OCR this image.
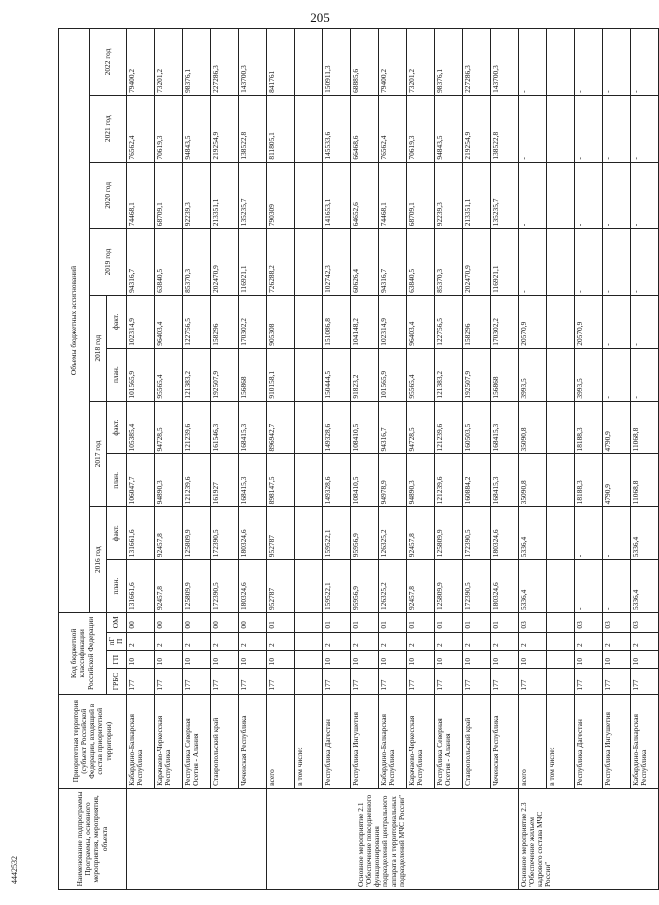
205
4442532	Наименование подпрограммы Программы, основного мероприятия, мероприятия, объекта	Приоритетная территория (субъект Российской Федерации, входящий в состав приоритетной территории)	Код бюджетной классификации Российской Федерации				Объемы бюджетных ассигнований									
						2016 год		2017 год		2018 год		2019 год	2020 год	2021 год	2022 год
		ГРБС	ГП	пГП	ОМ	план.	факт.	план.	факт.	план.	факт.				
	Кабардино-Балкарская Республика	177	10	2	00	131661,6	131661,6	106047,7	105385,4	101565,9	102314,9	94316,7	74468,1	76562,4	79400,2
	Карачаево-Черкесская Республика	177	10	2	00	92457,8	92457,8	94890,3	94728,5	95565,4	96403,4	63840,5	68709,1	70619,3	73201,2
	Республика Северная Осетия - Алания	177	10	2	00	125809,9	125809,9	121239,6	121239,6	121383,2	122756,5	85370,3	92239,3	94843,5	98376,1
	Ставропольский край	177	10	2	00	172390,5	172390,5	161927	161546,3	192507,9	158296	202470,9	213351,1	219254,9	227286,3
	Чеченская Республика	177	10	2	00	180324,6	180324,6	168415,3	168415,3	156868	170302,2	116921,1	135235,7	138522,8	143700,3
Основное мероприятие 2.1 "Обеспечение повседневного функционирования подразделений центрального аппарата и территориальных подразделений МЧС России"	всего	177	10	2	01	952787	952787	898147,5	896942,7	910158,1	905308	726288,2	790309	811805,1	841761
	в том числе:														
	Республика Дагестан	177	10	2	01	159522,1	159522,1	149328,6	149328,6	150444,5	151086,8	102742,3	141653,1	145533,6	150911,3
	Республика Ингушетия	177	10	2	01	95956,9	95956,9	108410,5	108410,5	91823,2	104148,2	60626,4	64652,6	66468,6	68885,6
	Кабардино-Балкарская Республика	177	10	2	01	126325,2	126325,2	94978,9	94316,7	101565,9	102314,9	94316,7	74468,1	76562,4	79400,2
	Карачаево-Черкесская Республика	177	10	2	01	92457,8	92457,8	94890,3	94728,5	95565,4	96403,4	63840,5	68709,1	70619,3	73201,2
	Республика Северная Осетия - Алания	177	10	2	01	125809,9	125809,9	121239,6	121239,6	121383,2	122756,5	85370,3	92239,3	94843,5	98376,1
	Ставропольский край	177	10	2	01	172390,5	172390,5	160884,2	160503,5	192507,9	158296	202470,9	213351,1	219254,9	227286,3
	Чеченская Республика	177	10	2	01	180324,6	180324,6	168415,3	168415,3	156868	170302,2	116921,1	135235,7	138522,8	143700,3
Основное мероприятие 2.3 "Обеспечение жильем кадрового состава МЧС России"	всего	177	10	2	03	5336,4	5336,4	35090,8	35090,8	3993,5	20570,9	-	-	-	-
	в том числе:														
	Республика Дагестан	177	10	2	03	-	-	18188,3	18188,3	3993,5	20570,9	-	-	-	-
	Республика Ингушетия	177	10	2	03	-	-	4790,9	4790,9	-	-	-	-	-	-
	Кабардино-Балкарская Республика	177	10	2	03	5336,4	5336,4	11068,8	11068,8	-	-	-	-	-	-
